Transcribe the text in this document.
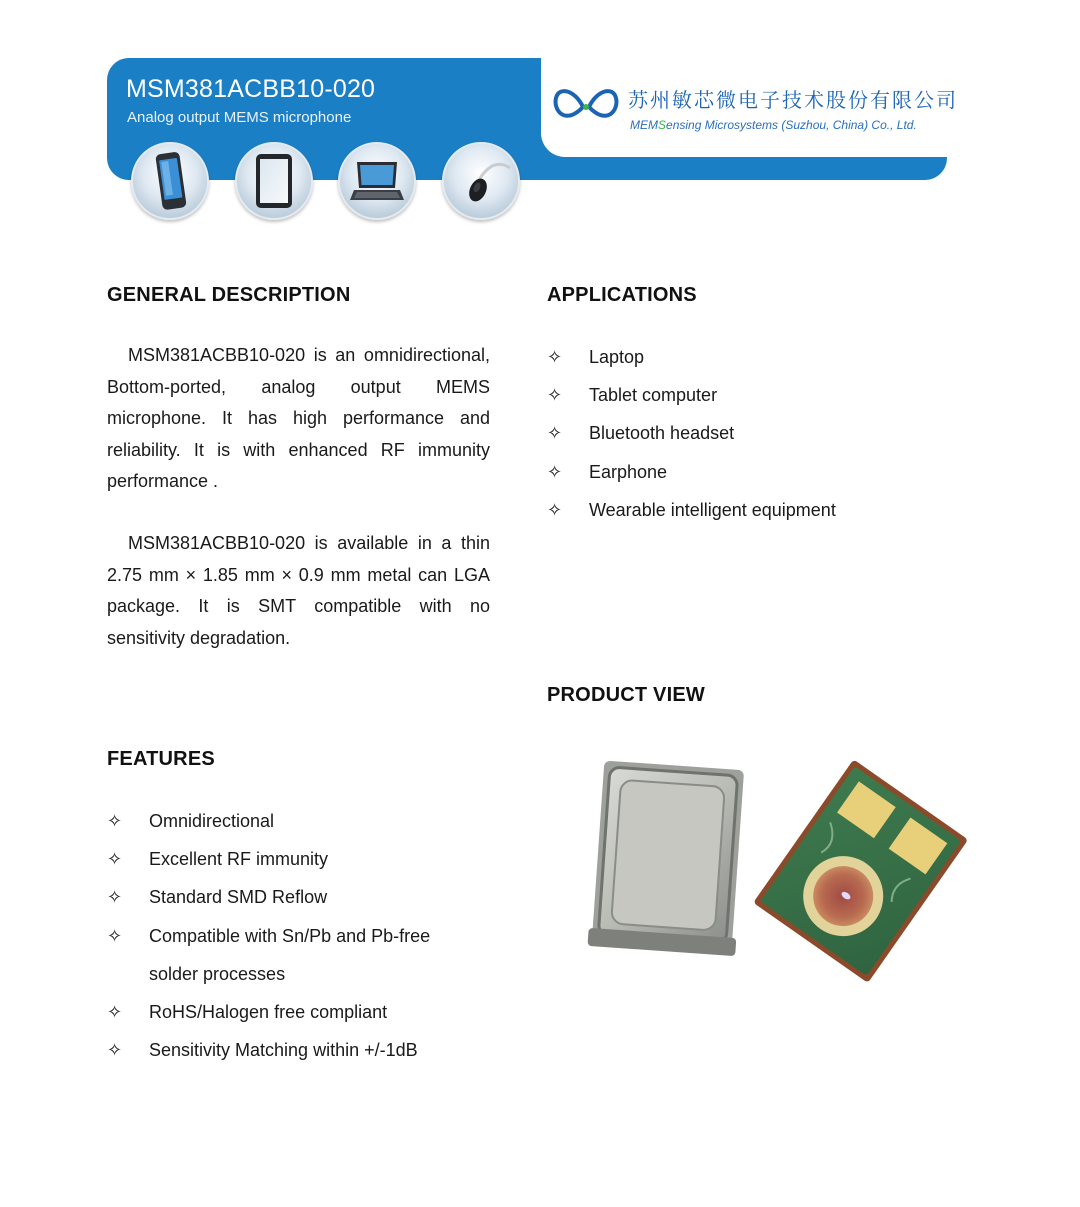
MSM381ACBB10-020
Analog output MEMS microphone
苏州敏芯微电子技术股份有限公司
MEMSensing Microsystems (Suzhou, China) Co., Ltd.
GENERAL DESCRIPTION
MSM381ACBB10-020 is an omnidirectional, Bottom-ported, analog output MEMS microphone. It has high performance and reliability. It is with enhanced RF immunity performance .
MSM381ACBB10-020 is available in a thin 2.75 mm × 1.85 mm × 0.9 mm metal can LGA package. It is SMT compatible with no sensitivity degradation.
APPLICATIONS
✧ Laptop
✧ Tablet computer
✧ Bluetooth headset
✧ Earphone
✧ Wearable intelligent equipment
PRODUCT VIEW
FEATURES
✧ Omnidirectional
✧ Excellent RF immunity
✧ Standard SMD Reflow
✧ Compatible with Sn/Pb and Pb-free
solder processes
✧ RoHS/Halogen free compliant
✧ Sensitivity Matching within +/-1dB
